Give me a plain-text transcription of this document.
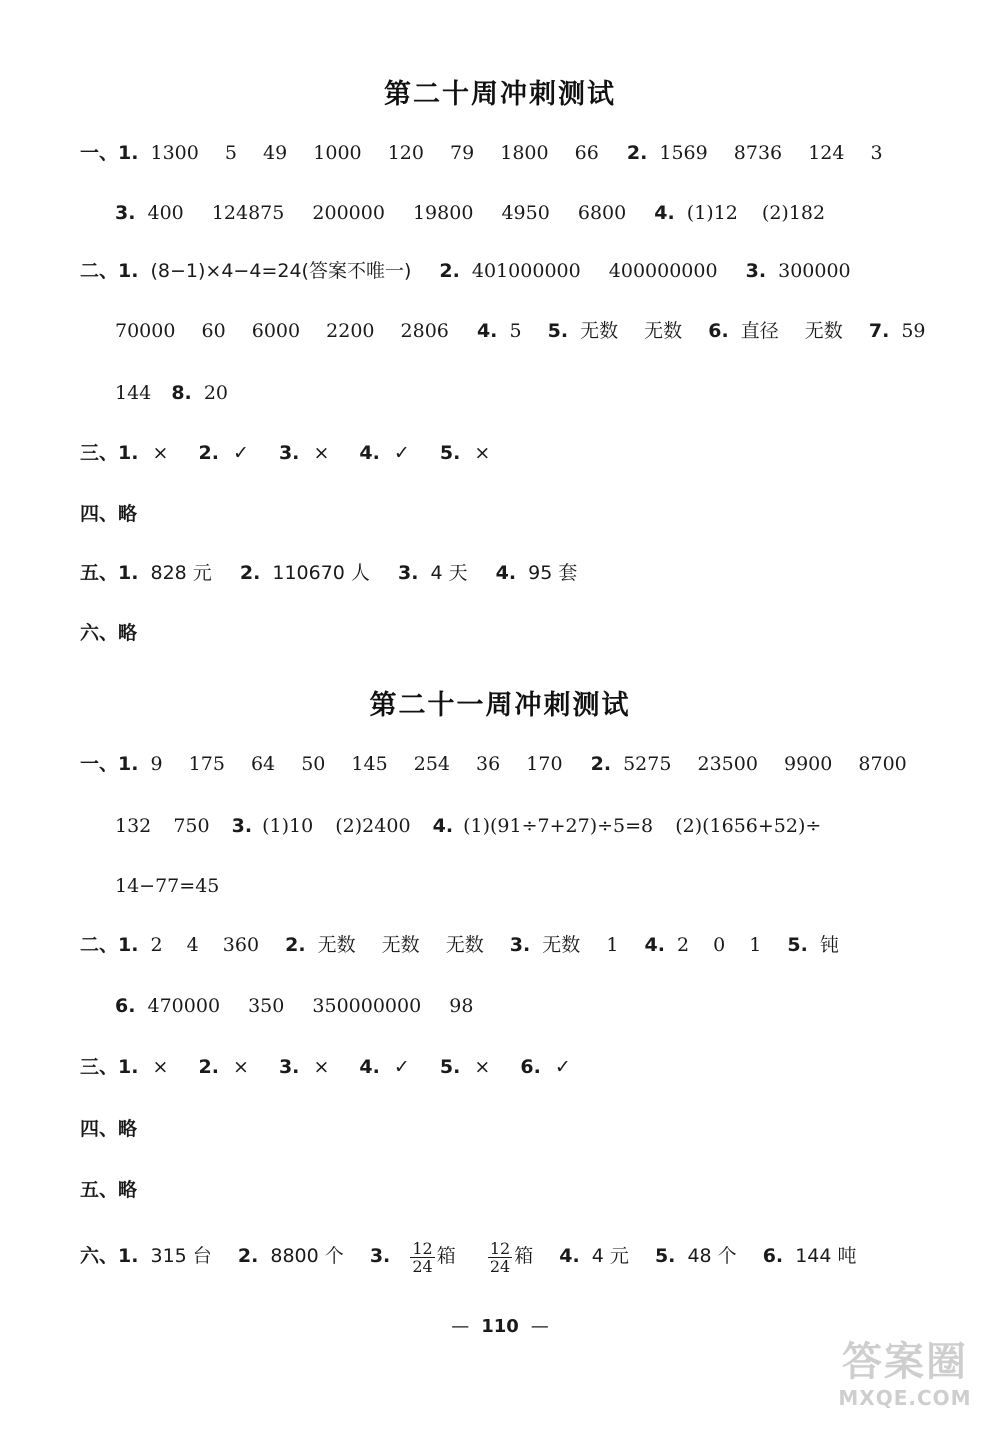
第二十周冲刺测试
一、1. 1300 5 49 1000 120 79 1800 66 2. 1569 8736 124 3
3. 400 124875 200000 19800 4950 6800 4. (1)12 (2)182
二、1. (8−1)×4−4=24(答案不唯一) 2. 401000000 400000000 3. 300000
70000 60 6000 2200 2806 4. 5 5. 无数 无数 6. 直径 无数 7. 59
144 8. 20
三、1. × 2. ✓ 3. × 4. ✓ 5. ×
四、略
五、1. 828 元 2. 110670 人 3. 4 天 4. 95 套
六、略
第二十一周冲刺测试
一、1. 9 175 64 50 145 254 36 170 2. 5275 23500 9900 8700
132 750 3. (1)10 (2)2400 4. (1)(91÷7+27)÷5=8 (2)(1656+52)÷
14−77=45
二、1. 2 4 360 2. 无数 无数 无数 3. 无数 1 4. 2 0 1 5. 钝
6. 470000 350 350000000 98
三、1. × 2. × 3. × 4. ✓ 5. × 6. ✓
四、略
五、略
六、1. 315 台 2. 8800 个 3. $\frac{12}{24}$ 箱 $\frac{12}{24}$ 箱 4. 4 元 5. 48 个 6. 144 吨
— 110 —
答案圈
MXQE.COM
